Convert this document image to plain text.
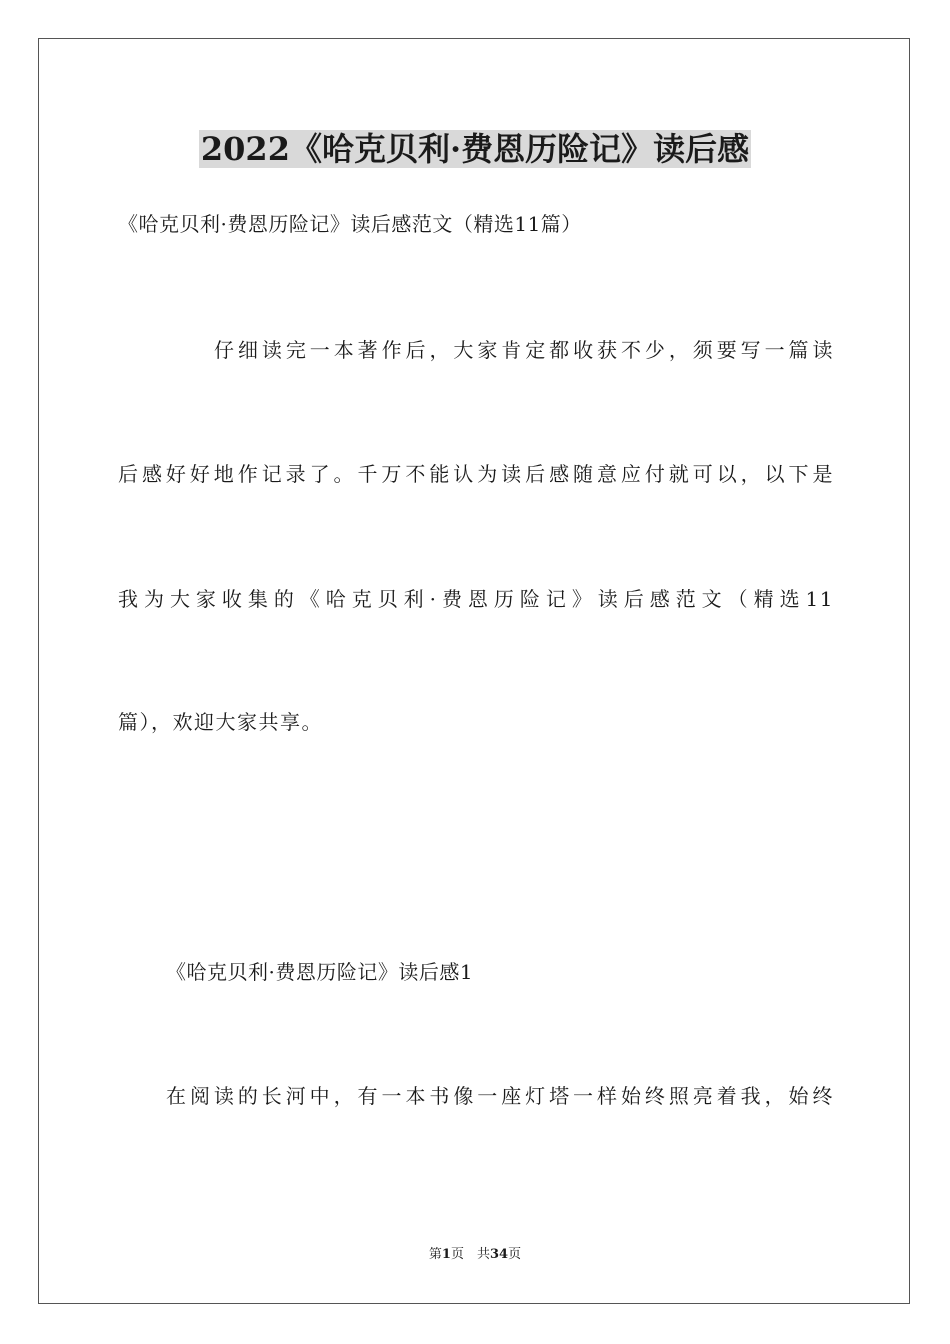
2022《哈克贝利·费恩历险记》读后感
《哈克贝利·费恩历险记》读后感范文（精选11篇）
仔细读完一本著作后，大家肯定都收获不少，须要写一篇读
后感好好地作记录了。千万不能认为读后感随意应付就可以，以下是
我为大家收集的《哈克贝利·费恩历险记》读后感范文（精选11
篇），欢迎大家共享。
《哈克贝利·费恩历险记》读后感1
在阅读的长河中，有一本书像一座灯塔一样始终照亮着我，始终
第1页　共34页
